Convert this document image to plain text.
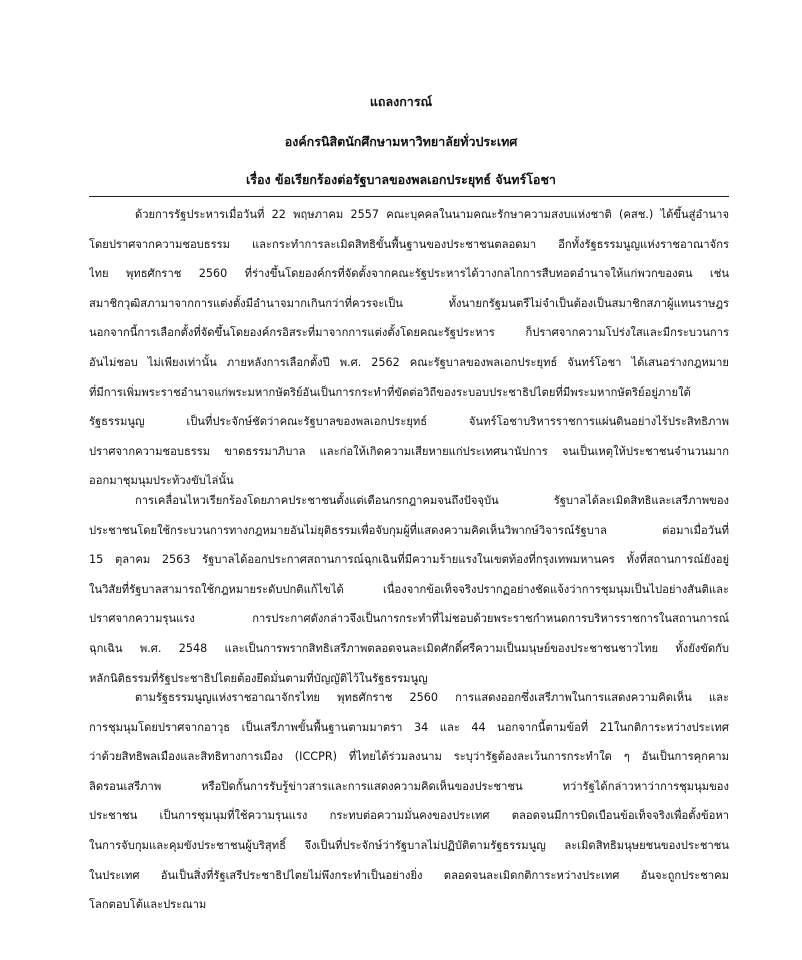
แถลงการณ์
องค์กรนิสิตนักศึกษามหาวิทยาลัยทั่วประเทศ
เรื่อง ข้อเรียกร้องต่อรัฐบาลของพลเอกประยุทธ์ จันทร์โอชา
ด้วยการรัฐประหารเมื่อวันที่ 22 พฤษภาคม 2557 คณะบุคคลในนามคณะรักษาความสงบแห่งชาติ (คสช.) ได้ขึ้นสู่อำนาจ
โดยปราศจากความชอบธรรม และกระทำการละเมิดสิทธิขั้นพื้นฐานของประชาชนตลอดมา อีกทั้งรัฐธรรมนูญแห่งราชอาณาจักร
ไทย พุทธศักราช 2560 ที่ร่างขึ้นโดยองค์กรที่จัดตั้งจากคณะรัฐประหารได้วางกลไกการสืบทอดอำนาจให้แก่พวกของตน เช่น
สมาชิกวุฒิสภามาจากการแต่งตั้งมีอำนาจมากเกินกว่าที่ควรจะเป็น ทั้งนายกรัฐมนตรีไม่จำเป็นต้องเป็นสมาชิกสภาผู้แทนราษฎร
นอกจากนี้การเลือกตั้งที่จัดขึ้นโดยองค์กรอิสระที่มาจากการแต่งตั้งโดยคณะรัฐประหาร ก็ปราศจากความโปร่งใสและมีกระบวนการ
อันไม่ชอบ ไม่เพียงเท่านั้น ภายหลังการเลือกตั้งปี พ.ศ. 2562 คณะรัฐบาลของพลเอกประยุทธ์ จันทร์โอชา ได้เสนอร่างกฎหมาย
ที่มีการเพิ่มพระราชอำนาจแก่พระมหากษัตริย์อันเป็นการกระทำที่ขัดต่อวิถีของระบอบประชาธิปไตยที่มีพระมหากษัตริย์อยู่ภายใต้
รัฐธรรมนูญ เป็นที่ประจักษ์ชัดว่าคณะรัฐบาลของพลเอกประยุทธ์ จันทร์โอชาบริหารราชการแผ่นดินอย่างไร้ประสิทธิภาพ
ปราศจากความชอบธรรม ขาดธรรมาภิบาล และก่อให้เกิดความเสียหายแก่ประเทศนานัปการ จนเป็นเหตุให้ประชาชนจำนวนมาก
ออกมาชุมนุมประท้วงขับไล่นั้น
การเคลื่อนไหวเรียกร้องโดยภาคประชาชนตั้งแต่เดือนกรกฎาคมจนถึงปัจจุบัน รัฐบาลได้ละเมิดสิทธิและเสรีภาพของ
ประชาชนโดยใช้กระบวนการทางกฎหมายอันไม่ยุติธรรมเพื่อจับกุมผู้ที่แสดงความคิดเห็นวิพากษ์วิจารณ์รัฐบาล ต่อมาเมื่อวันที่
15 ตุลาคม 2563 รัฐบาลได้ออกประกาศสถานการณ์ฉุกเฉินที่มีความร้ายแรงในเขตท้องที่กรุงเทพมหานคร ทั้งที่สถานการณ์ยังอยู่
ในวิสัยที่รัฐบาลสามารถใช้กฎหมายระดับปกติแก้ไขได้ เนื่องจากข้อเท็จจริงปรากฏอย่างชัดแจ้งว่าการชุมนุมเป็นไปอย่างสันติและ
ปราศจากความรุนแรง การประกาศดังกล่าวจึงเป็นการกระทำที่ไม่ชอบด้วยพระราชกำหนดการบริหารราชการในสถานการณ์
ฉุกเฉิน พ.ศ. 2548 และเป็นการพรากสิทธิเสรีภาพตลอดจนละเมิดศักดิ์ศรีความเป็นมนุษย์ของประชาชนชาวไทย ทั้งยังขัดกับ
หลักนิติธรรมที่รัฐประชาธิปไตยต้องยึดมั่นตามที่บัญญัติไว้ในรัฐธรรมนูญ
ตามรัฐธรรมนูญแห่งราชอาณาจักรไทย พุทธศักราช 2560 การแสดงออกซึ่งเสรีภาพในการแสดงความคิดเห็น และ
การชุมนุมโดยปราศจากอาวุธ เป็นเสรีภาพขั้นพื้นฐานตามมาตรา 34 และ 44 นอกจากนี้ตามข้อที่ 21ในกติการะหว่างประเทศ
ว่าด้วยสิทธิพลเมืองและสิทธิทางการเมือง (ICCPR) ที่ไทยได้ร่วมลงนาม ระบุว่ารัฐต้องละเว้นการกระทำใด ๆ อันเป็นการคุกคาม
ลิดรอนเสรีภาพ หรือปิดกั้นการรับรู้ข่าวสารและการแสดงความคิดเห็นของประชาชน ทว่ารัฐได้กล่าวหาว่าการชุมนุมของ
ประชาชน เป็นการชุมนุมที่ใช้ความรุนแรง กระทบต่อความมั่นคงของประเทศ ตลอดจนมีการบิดเบือนข้อเท็จจริงเพื่อตั้งข้อหา
ในการจับกุมและคุมขังประชาชนผู้บริสุทธิ์ จึงเป็นที่ประจักษ์ว่ารัฐบาลไม่ปฏิบัติตามรัฐธรรมนูญ ละเมิดสิทธิมนุษยชนของประชาชน
ในประเทศ อันเป็นสิ่งที่รัฐเสรีประชาธิปไตยไม่พึงกระทำเป็นอย่างยิ่ง ตลอดจนละเมิดกติการะหว่างประเทศ อันจะถูกประชาคม
โลกตอบโต้และประณาม
